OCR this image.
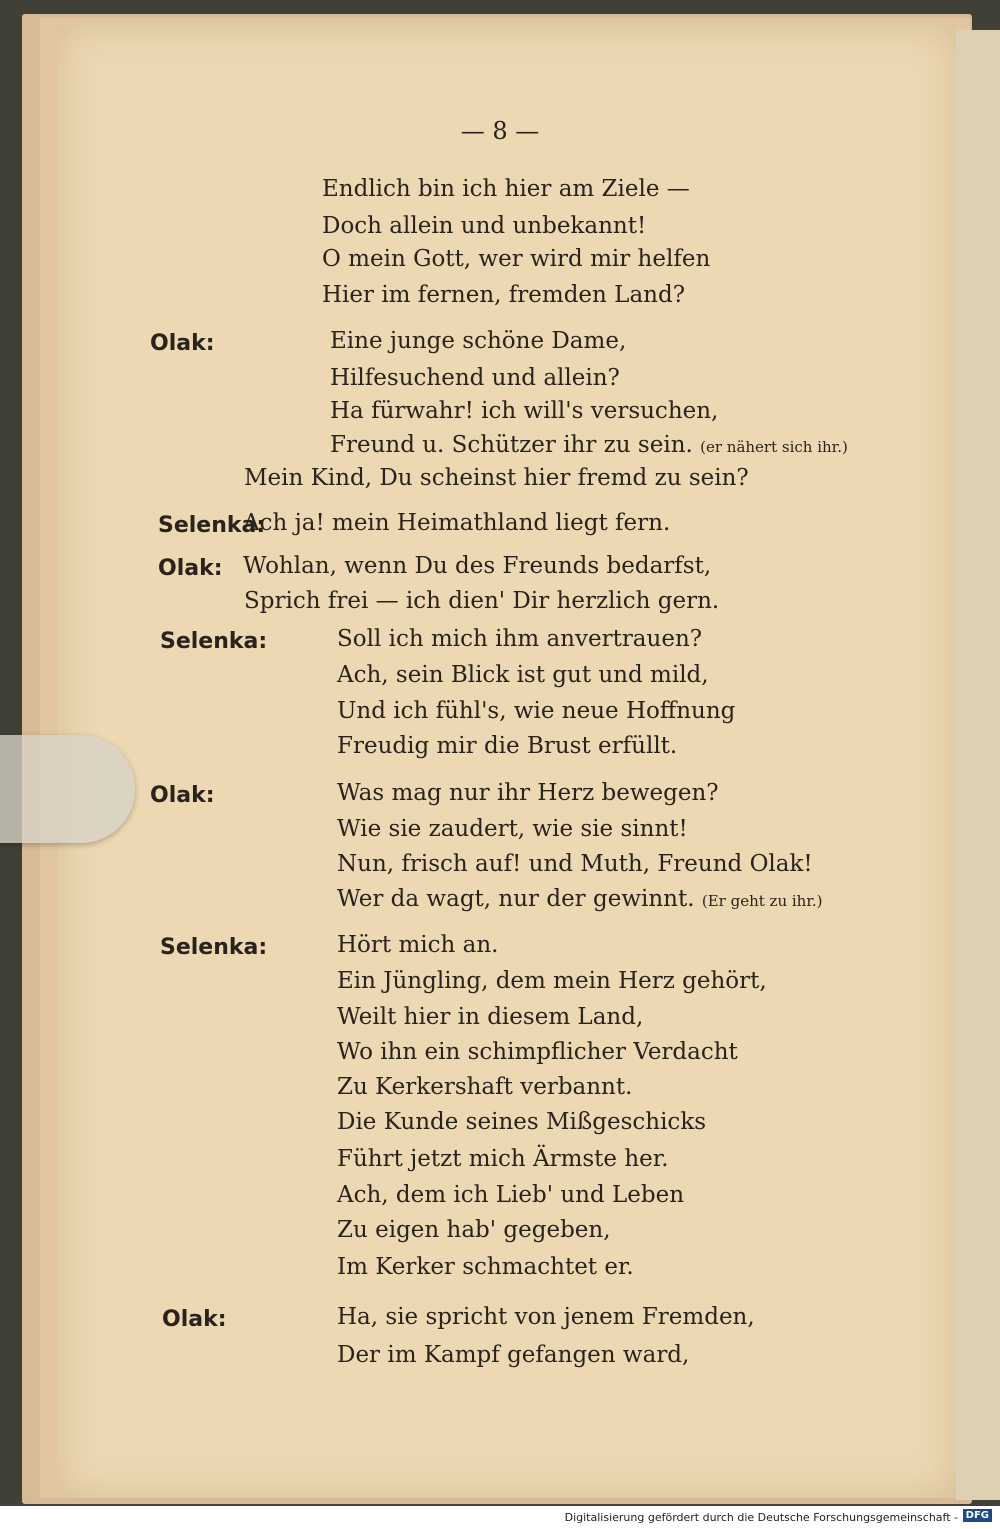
— 8 —
Endlich bin ich hier am Ziele —
Doch allein und unbekannt!
O mein Gott, wer wird mir helfen
Hier im fernen, fremden Land?
Olak:	Eine junge schöne Dame,
Hilfesuchend und allein?
Ha fürwahr! ich will's versuchen,
Freund u. Schützer ihr zu sein. (er nähert sich ihr.)
Mein Kind, Du scheinst hier fremd zu sein?
Selenka:
Ach ja! mein Heimathland liegt fern.
Olak: Wohlan, wenn Du des Freunds bedarfst,
Sprich frei — ich dien' Dir herzlich gern.
Selenka:	Soll ich mich ihm anvertrauen?
Ach, sein Blick ist gut und mild,
Und ich fühl's, wie neue Hoffnung
Freudig mir die Brust erfüllt.
Olak:	Was mag nur ihr Herz bewegen?
Wie sie zaudert, wie sie sinnt!
Nun, frisch auf! und Muth, Freund Olak!
Wer da wagt, nur der gewinnt. (Er geht zu ihr.)
Selenka:	Hört mich an.
Ein Jüngling, dem mein Herz gehört,
Weilt hier in diesem Land,
Wo ihn ein schimpflicher Verdacht
Zu Kerkershaft verbannt.
Die Kunde seines Mißgeschicks
Führt jetzt mich Ärmste her.
Ach, dem ich Lieb' und Leben
Zu eigen hab' gegeben,
Im Kerker schmachtet er.
Olak:	Ha, sie spricht von jenem Fremden,
Der im Kampf gefangen ward,
Digitalisierung gefördert durch die Deutsche Forschungsgemeinschaft - DFG
